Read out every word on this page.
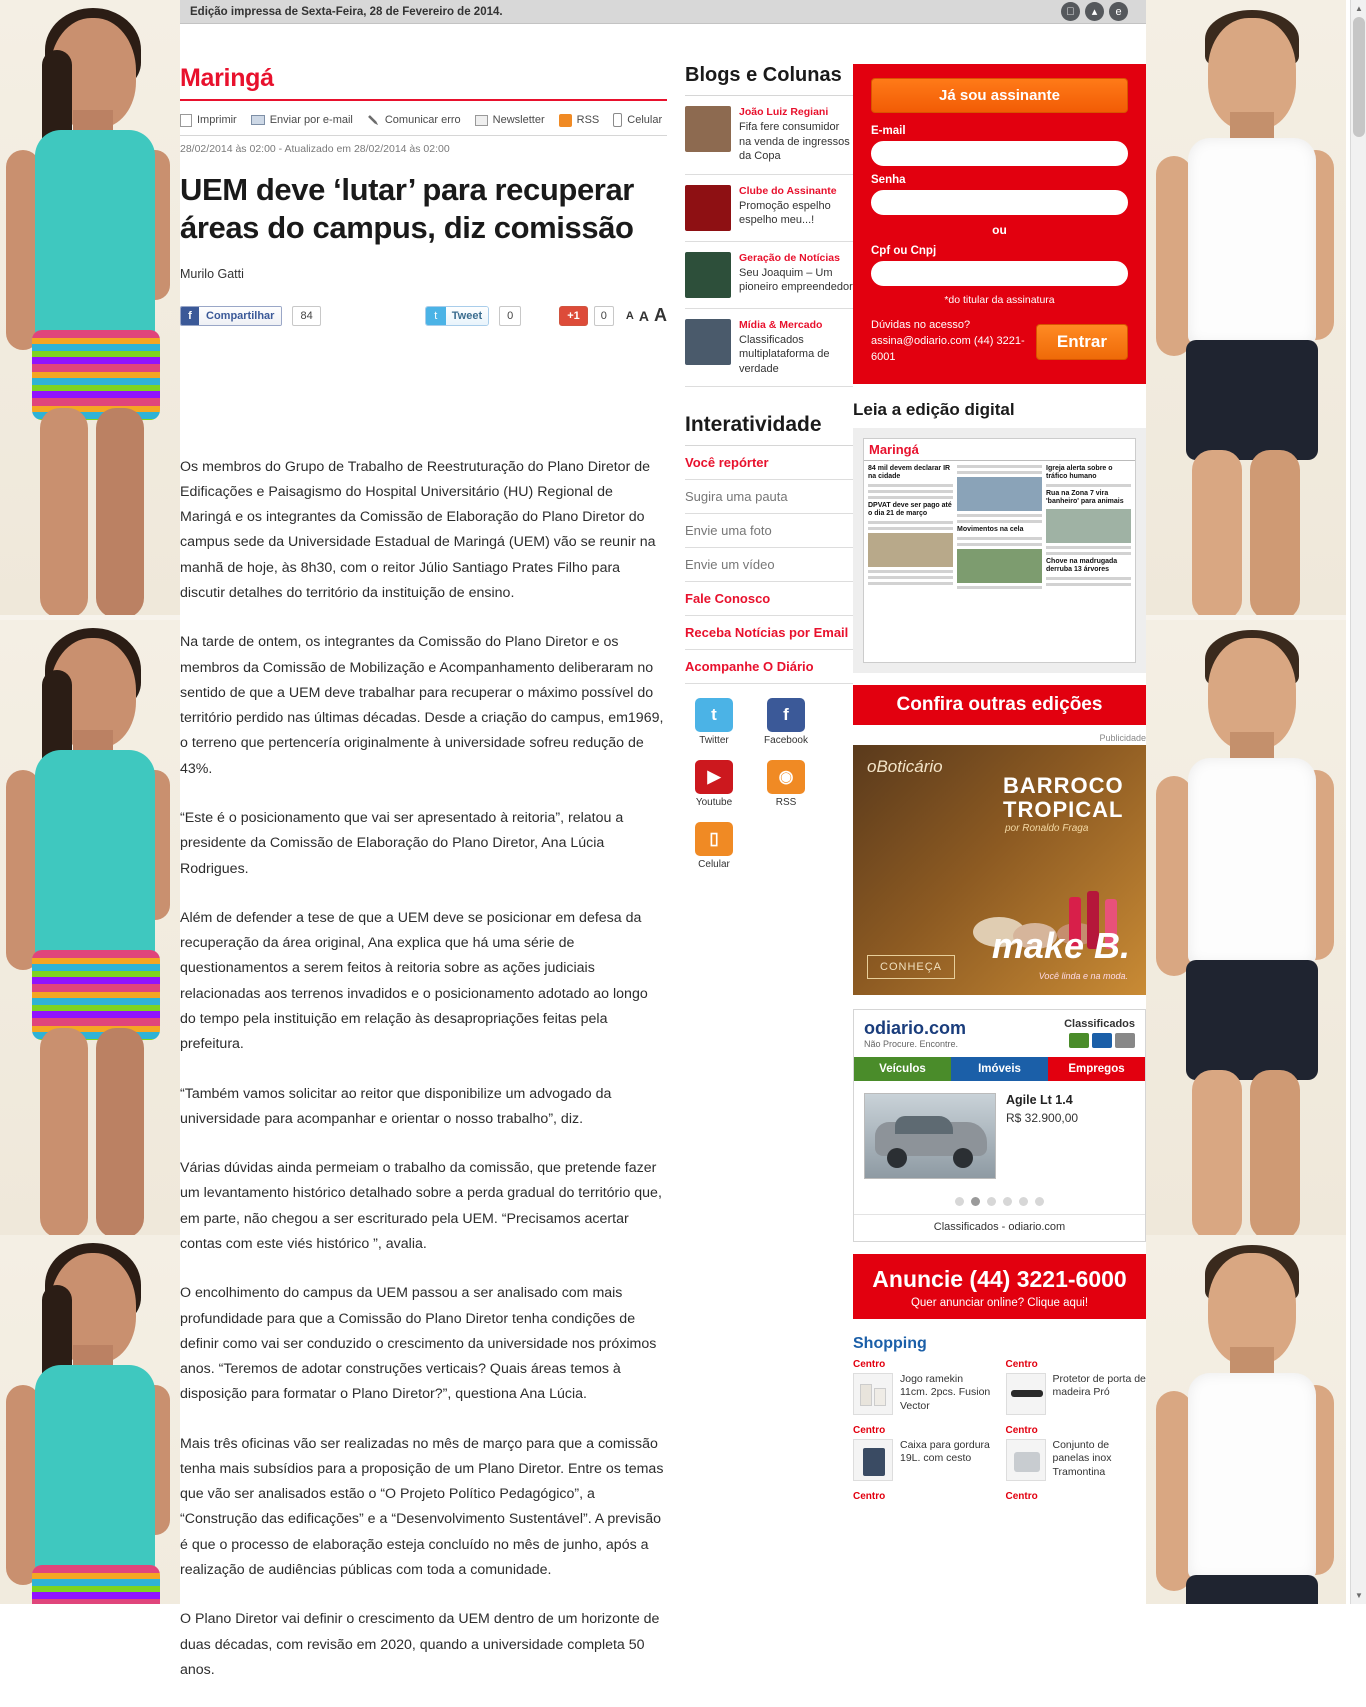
Edição impressa de Sexta-Feira, 28 de Fevereiro de 2014.	▴	e
Maringá
Imprimir	Enviar por e-mail	Comunicar erro	Newsletter	RSS	Celular
28/02/2014 às 02:00 - Atualizado em 28/02/2014 às 02:00
UEM deve ‘lutar’ para recuperar áreas do campus, diz comissão
Murilo Gatti
f	Compartilhar	84	t	Tweet	0	+1	0	A A A

Os membros do Grupo de Trabalho de Reestruturação do Plano Diretor de Edificações e Paisagismo do Hospital Universitário (HU) Regional de Maringá e os integrantes da Comissão de Elaboração do Plano Diretor do campus sede da Universidade Estadual de Maringá (UEM) vão se reunir na manhã de hoje, às 8h30, com o reitor Júlio Santiago Prates Filho para discutir detalhes do território da instituição de ensino.

Na tarde de ontem, os integrantes da Comissão do Plano Diretor e os membros da Comissão de Mobilização e Acompanhamento deliberaram no sentido de que a UEM deve trabalhar para recuperar o máximo possível do território perdido nas últimas décadas. Desde a criação do campus, em1969, o terreno que pertencería originalmente à universidade sofreu redução de 43%.

“Este é o posicionamento que vai ser apresentado à reitoria”, relatou a presidente da Comissão de Elaboração do Plano Diretor, Ana Lúcia Rodrigues.

Além de defender a tese de que a UEM deve se posicionar em defesa da recuperação da área original, Ana explica que há uma série de questionamentos a serem feitos à reitoria sobre as ações judiciais relacionadas aos terrenos invadidos e o posicionamento adotado ao longo do tempo pela instituição em relação às desapropriações feitas pela prefeitura.

“Também vamos solicitar ao reitor que disponibilize um advogado da universidade para acompanhar e orientar o nosso trabalho”, diz.

Várias dúvidas ainda permeiam o trabalho da comissão, que pretende fazer um levantamento histórico detalhado sobre a perda gradual do território que, em parte, não chegou a ser escriturado pela UEM. “Precisamos acertar contas com este viés histórico ”, avalia.

O encolhimento do campus da UEM passou a ser analisado com mais profundidade para que a Comissão do Plano Diretor tenha condições de definir como vai ser conduzido o crescimento da universidade nos próximos anos. “Teremos de adotar construções verticais? Quais áreas temos à disposição para formatar o Plano Diretor?”, questiona Ana Lúcia.

Mais três oficinas vão ser realizadas no mês de março para que a comissão tenha mais subsídios para a proposição de um Plano Diretor. Entre os temas que vão ser analisados estão o “O Projeto Político Pedagógico”, a “Construção das edificações” e a “Desenvolvimento Sustentável”. A previsão é que o processo de elaboração esteja concluído no mês de junho, após a realização de audiências públicas com toda a comunidade.

O Plano Diretor vai definir o crescimento da UEM dentro de um horizonte de duas décadas, com revisão em 2020, quando a universidade completa 50 anos.

Blogs e Colunas
João Luiz Regiani
Fifa fere consumidor na venda de ingressos da Copa
Clube do Assinante
Promoção espelho espelho meu...!
Geração de Notícias
Seu Joaquim – Um pioneiro empreendedor
Mídia & Mercado
Classificados multiplataforma de verdade
Interatividade
Você repórter
Sugira uma pauta
Envie uma foto
Envie um vídeo
Fale Conosco
Receba Notícias por Email
Acompanhe O Diário
t
Twitter
f
Facebook
▶
Youtube
◉
RSS
▯
Celular
Já sou assinante
E-mail
Senha
ou
Cpf ou Cnpj
*do titular da assinatura
Dúvidas no acesso? assina@odiario.com (44) 3221-6001
Entrar
Leia a edição digital
Maringá
84 mil devem declarar IR na cidade
DPVAT deve ser pago até o dia 21 de março
Movimentos na cela
Igreja alerta sobre o tráfico humano
Rua na Zona 7 vira 'banheiro' para animais
Chove na madrugada derruba 13 árvores
Confira outras edições
Publicidade
oBoticário
BARROCO
TROPICAL
por Ronaldo Fraga
CONHEÇA
make B.
Você linda e na moda.
odiario.com
Não Procure. Encontre.
Classificados
Veículos	Imóveis	Empregos
Agile Lt 1.4
R$ 32.900,00
Classificados - odiario.com
Anuncie (44) 3221-6000
Quer anunciar online? Clique aqui!
Shopping
Centro
Jogo ramekin 11cm. 2pcs. Fusion Vector
Centro
Protetor de porta de madeira Pró
Centro
Caixa para gordura 19L. com cesto
Centro
Conjunto de panelas inox Tramontina
Centro	Centro
▲
▼
